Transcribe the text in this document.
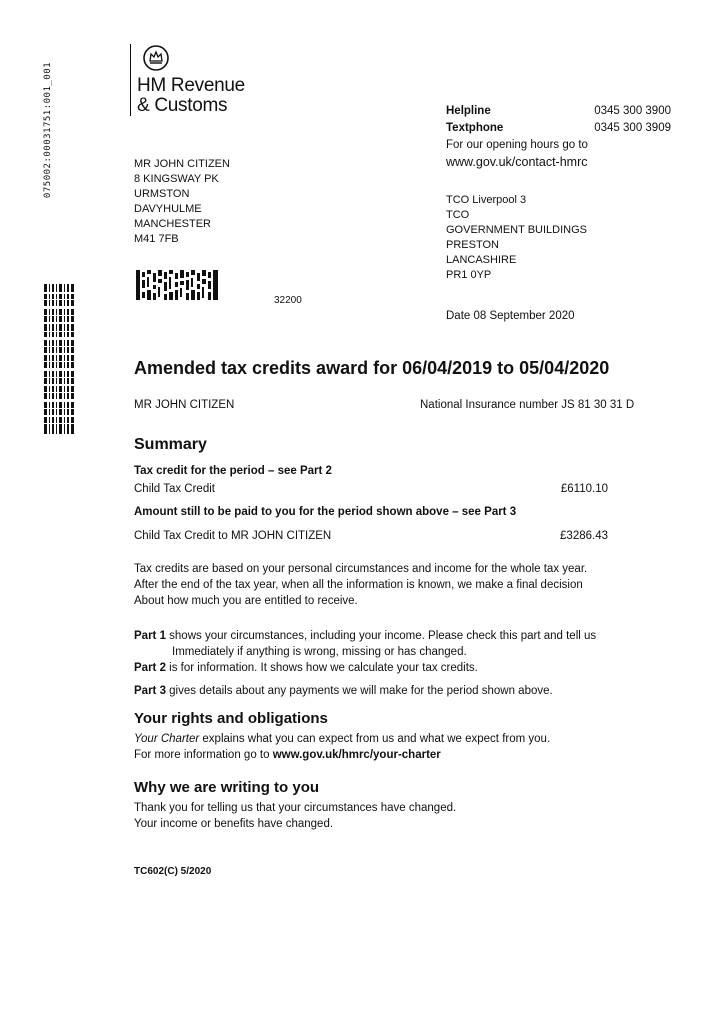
075002:00031751:001_001	HM Revenue
& Customs	Helpline	0345 300 3900
Textphone	0345 300 3909
For our opening hours go to
www.gov.uk/contact-hmrc
MR JOHN CITIZEN
8 KINGSWAY PK
URMSTON
DAVYHULME
MANCHESTER
M41 7FB
TCO Liverpool 3
TCO
GOVERNMENT BUILDINGS
PRESTON
LANCASHIRE
PR1 0YP
32200
Date 08 September 2020
Amended tax credits award for 06/04/2019 to 05/04/2020
MR JOHN CITIZEN	National Insurance number JS 81 30 31 D
Summary
Tax credit for the period – see Part 2
Child Tax Credit	£6110.10
Amount still to be paid to you for the period shown above – see Part 3
Child Tax Credit to MR JOHN CITIZEN	£3286.43
Tax credits are based on your personal circumstances and income for the whole tax year.
After the end of the tax year, when all the information is known, we make a final decision
About how much you are entitled to receive.
Part 1 shows your circumstances, including your income. Please check this part and tell us
Immediately if anything is wrong, missing or has changed.
Part 2 is for information. It shows how we calculate your tax credits.
Part 3 gives details about any payments we will make for the period shown above.
Your rights and obligations
Your Charter explains what you can expect from us and what we expect from you.
For more information go to www.gov.uk/hmrc/your-charter
Why we are writing to you
Thank you for telling us that your circumstances have changed.
Your income or benefits have changed.
TC602(C) 5/2020
